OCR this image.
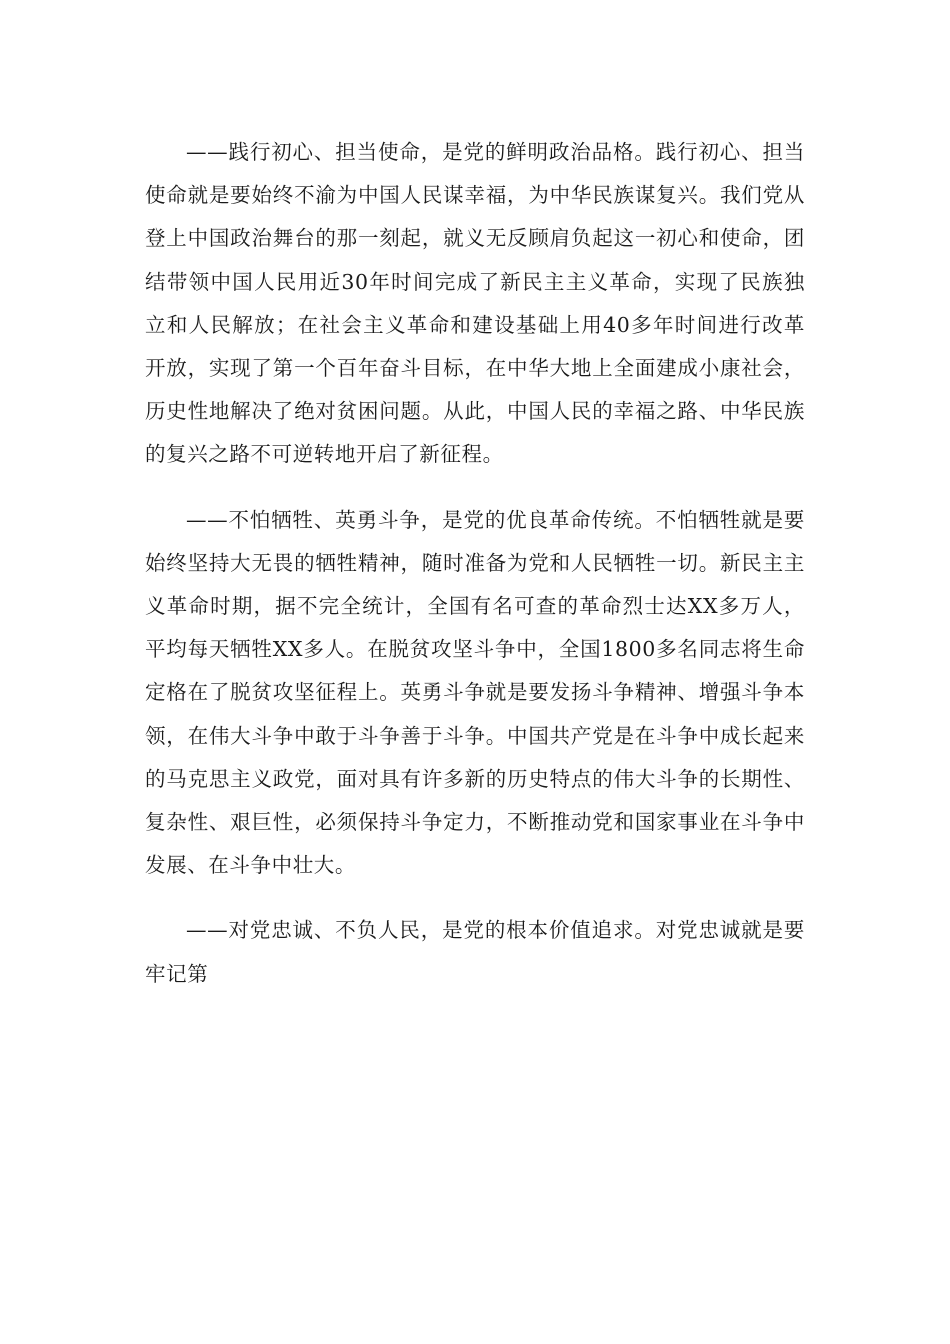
——践行初心、担当使命，是党的鲜明政治品格。践行初心、担当使命就是要始终不渝为中国人民谋幸福，为中华民族谋复兴。我们党从登上中国政治舞台的那一刻起，就义无反顾肩负起这一初心和使命，团结带领中国人民用近30年时间完成了新民主主义革命，实现了民族独立和人民解放；在社会主义革命和建设基础上用40多年时间进行改革开放，实现了第一个百年奋斗目标，在中华大地上全面建成小康社会，历史性地解决了绝对贫困问题。从此，中国人民的幸福之路、中华民族的复兴之路不可逆转地开启了新征程。

——不怕牺牲、英勇斗争，是党的优良革命传统。不怕牺牲就是要始终坚持大无畏的牺牲精神，随时准备为党和人民牺牲一切。新民主主义革命时期，据不完全统计，全国有名可查的革命烈士达XX多万人，平均每天牺牲XX多人。在脱贫攻坚斗争中，全国1800多名同志将生命定格在了脱贫攻坚征程上。英勇斗争就是要发扬斗争精神、增强斗争本领，在伟大斗争中敢于斗争善于斗争。中国共产党是在斗争中成长起来的马克思主义政党，面对具有许多新的历史特点的伟大斗争的长期性、复杂性、艰巨性，必须保持斗争定力，不断推动党和国家事业在斗争中发展、在斗争中壮大。

——对党忠诚、不负人民，是党的根本价值追求。对党忠诚就是要牢记第
